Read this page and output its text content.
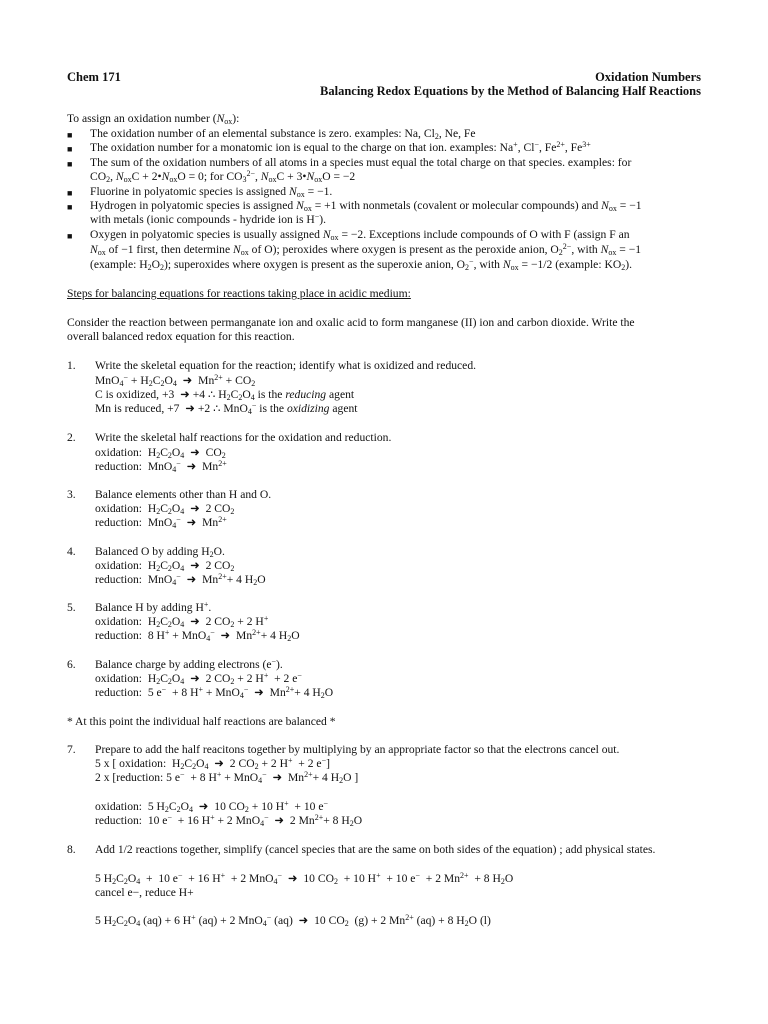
Chem 171	Oxidation Numbers
Balancing Redox Equations by the Method of Balancing Half Reactions
To assign an oxidation number $(N_{ox})$:
■ The oxidation number of an elemental substance is zero. examples: Na, $Cl_2$, Ne, Fe
■ The oxidation number for a monatomic ion is equal to the charge on that ion. examples: Na+, Cl−, $Fe^{2+}$, $Fe^{3+}$
■ The sum of the oxidation numbers of all atoms in a species must equal the total charge on that species. examples: for
$CO_2$, $N_{ox}C$ + $2•N_{ox}O = 0$; for $CO_3^{2-}$, $N_{ox}C$ + $3•N_{ox}O = -2$
■ Fluorine in polyatomic species is assigned $N_{ox} = -1$.
■ Hydrogen in polyatomic species is assigned $N_{ox} = +1$ with nonmetals (covalent or molecular compounds) and $N_{ox} = -1$
with metals (ionic compounds - hydride ion is H−).
■ Oxygen in polyatomic species is usually assigned $N_{ox} = -2$. Exceptions include compounds of O with F (assign F an
$N_{ox}$ of −1 first, then determine $N_{ox}$ of O); peroxides where oxygen is present as the peroxide anion, $O_2^{2-}$, with $N_{ox} = -1$
(example: $H_2O_2$); superoxides where oxygen is present as the superoxie anion, $O_2^-$, with $N_{ox} = -1/2$ (example: $KO_2$).
Steps for balancing equations for reactions taking place in acidic medium:
Consider the reaction between permanganate ion and oxalic acid to form manganese (II) ion and carbon dioxide. Write the
overall balanced redox equation for this reaction.
1. Write the skeletal equation for the reaction; identify what is oxidized and reduced.
$MnO_4^- + H_2C_2O_4$  ➜  $Mn^{2+} + CO_2$
C is oxidized, +3  ➜ +4 ∴ $H_2C_2O_4$ is the reducing agent
Mn is reduced, +7  ➜ +2 ∴ MnO$_4$− is the oxidizing agent
2. Write the skeletal half reactions for the oxidation and reduction.
oxidation:  $H_2C_2O_4$  ➜  $CO_2$
reduction:  MnO$_4$−  ➜  $Mn^{2+}$
3. Balance elements other than H and O.
oxidation:  $H_2C_2O_4$  ➜  2 $CO_2$
reduction:  MnO$_4$−  ➜  $Mn^{2+}$
4. Balanced O by adding $H_2O$.
oxidation:  $H_2C_2O_4$  ➜  2 $CO_2$
reduction:  MnO$_4$−  ➜  $Mn^{2+}+ 4$ $H_2O$
5. Balance H by adding H+.
oxidation:  $H_2C_2O_4$  ➜  2 $CO_2 + 2$ H+
reduction:  8 H+ + MnO$_4$−  ➜  $Mn^{2+}+ 4$ $H_2O$
6. Balance charge by adding electrons (e−).
oxidation:  $H_2C_2O_4$  ➜  2 $CO_2 + 2$ H+  + 2 e−
reduction:  5 e−  + 8 H+ + MnO$_4$−  ➜  $Mn^{2+}+ 4$ $H_2O$
* At this point the individual half reactions are balanced *
7. Prepare to add the half reacitons together by multiplying by an appropriate factor so that the electrons cancel out.
5 x [ oxidation:  $H_2C_2O_4$  ➜  2 $CO_2 + 2$ H+  + 2 e−]
2 x [reduction: 5 e−  + 8 H+ + MnO$_4$−  ➜  $Mn^{2+}+ 4$ $H_2O$ ]
oxidation:  5 $H_2C_2O_4$  ➜  10 $CO_2 + 10$ H+  + 10 e−
reduction:  10 e−  + 16 H+ + 2 MnO$_4$−  ➜  2 $Mn^{2+}+ 8$ $H_2O$
8. Add 1/2 reactions together, simplify (cancel species that are the same on both sides of the equation) ; add physical states.
5 $H_2C_2O_4 + 10$ e−  + 16 H+  + 2 MnO$_4$−  ➜  10 $CO_2 + 10$ H+  + 10 e−  + 2 $Mn^{2+} + 8$ $H_2O$
cancel e−, reduce H+
5 $H_2C_2O_4$ (aq) + 6 H+ (aq) + 2 MnO$_4$− (aq)  ➜  10 $CO_2$  (g) + 2 $Mn^{2+}$ (aq) + 8 $H_2O$ (l)
